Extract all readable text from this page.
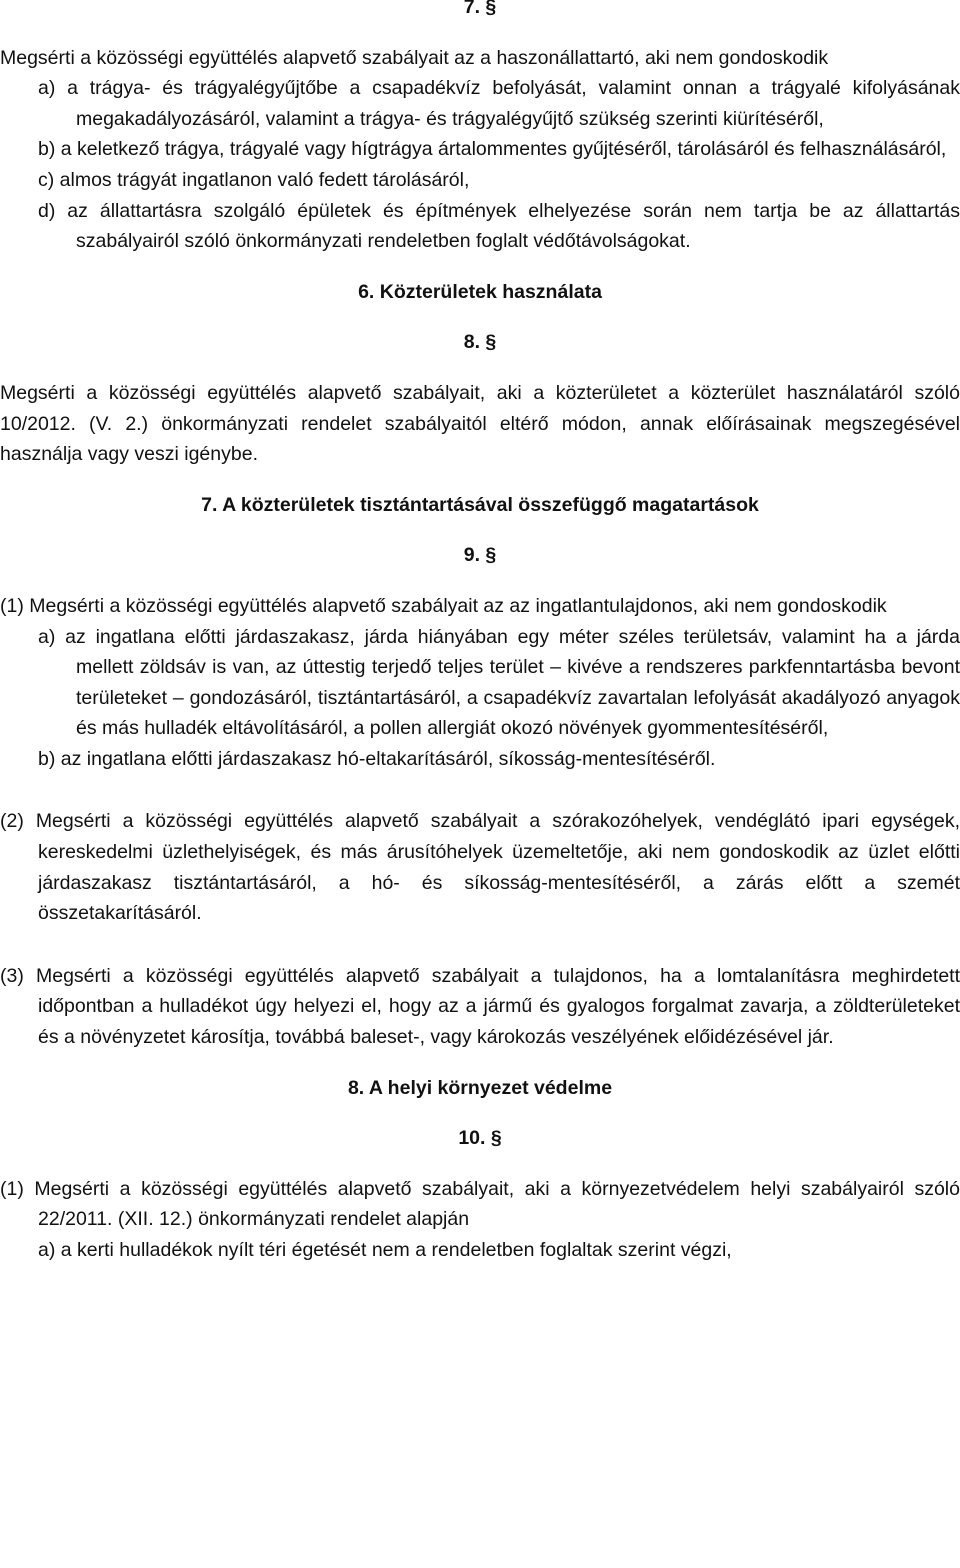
7. §

Megsérti a közösségi együttélés alapvető szabályait az a haszonállattartó, aki nem gondoskodik

a) a trágya- és trágyalégyűjtőbe a csapadékvíz befolyását, valamint onnan a trágyalé kifolyásának megakadályozásáról, valamint a trágya- és trágyalégyűjtő szükség szerinti kiürítéséről,

b) a keletkező trágya, trágyalé vagy hígtrágya ártalommentes gyűjtéséről, tárolásáról és felhasználásáról,

c) almos trágyát ingatlanon való fedett tárolásáról,

d) az állattartásra szolgáló épületek és építmények elhelyezése során nem tartja be az állattartás szabályairól szóló önkormányzati rendeletben foglalt védőtávolságokat.

6. Közterületek használata

8. §

Megsérti a közösségi együttélés alapvető szabályait, aki a közterületet a közterület használatáról szóló 10/2012. (V. 2.) önkormányzati rendelet szabályaitól eltérő módon, annak előírásainak megszegésével használja vagy veszi igénybe.

7. A közterületek tisztántartásával összefüggő magatartások

9. §

(1) Megsérti a közösségi együttélés alapvető szabályait az az ingatlantulajdonos, aki nem gondoskodik

a) az ingatlana előtti járdaszakasz, járda hiányában egy méter széles területsáv, valamint ha a járda mellett zöldsáv is van, az úttestig terjedő teljes terület – kivéve a rendszeres parkfenntartásba bevont területeket – gondozásáról, tisztántartásáról, a csapadékvíz zavartalan lefolyását akadályozó anyagok és más hulladék eltávolításáról, a pollen allergiát okozó növények gyommentesítéséről,

b) az ingatlana előtti járdaszakasz hó-eltakarításáról, síkosság-mentesítéséről.

(2) Megsérti a közösségi együttélés alapvető szabályait a szórakozóhelyek, vendéglátó ipari egységek, kereskedelmi üzlethelyiségek, és más árusítóhelyek üzemeltetője, aki nem gondoskodik az üzlet előtti járdaszakasz tisztántartásáról, a hó- és síkosság-mentesítéséről, a zárás előtt a szemét összetakarításáról.

(3) Megsérti a közösségi együttélés alapvető szabályait a tulajdonos, ha a lomtalanításra meghirdetett időpontban a hulladékot úgy helyezi el, hogy az a jármű és gyalogos forgalmat zavarja, a zöldterületeket és a növényzetet károsítja, továbbá baleset-, vagy károkozás veszélyének előidézésével jár.

8. A helyi környezet védelme

10. §

(1) Megsérti a közösségi együttélés alapvető szabályait, aki a környezetvédelem helyi szabályairól szóló 22/2011. (XII. 12.) önkormányzati rendelet alapján

a) a kerti hulladékok nyílt téri égetését nem a rendeletben foglaltak szerint végzi,
